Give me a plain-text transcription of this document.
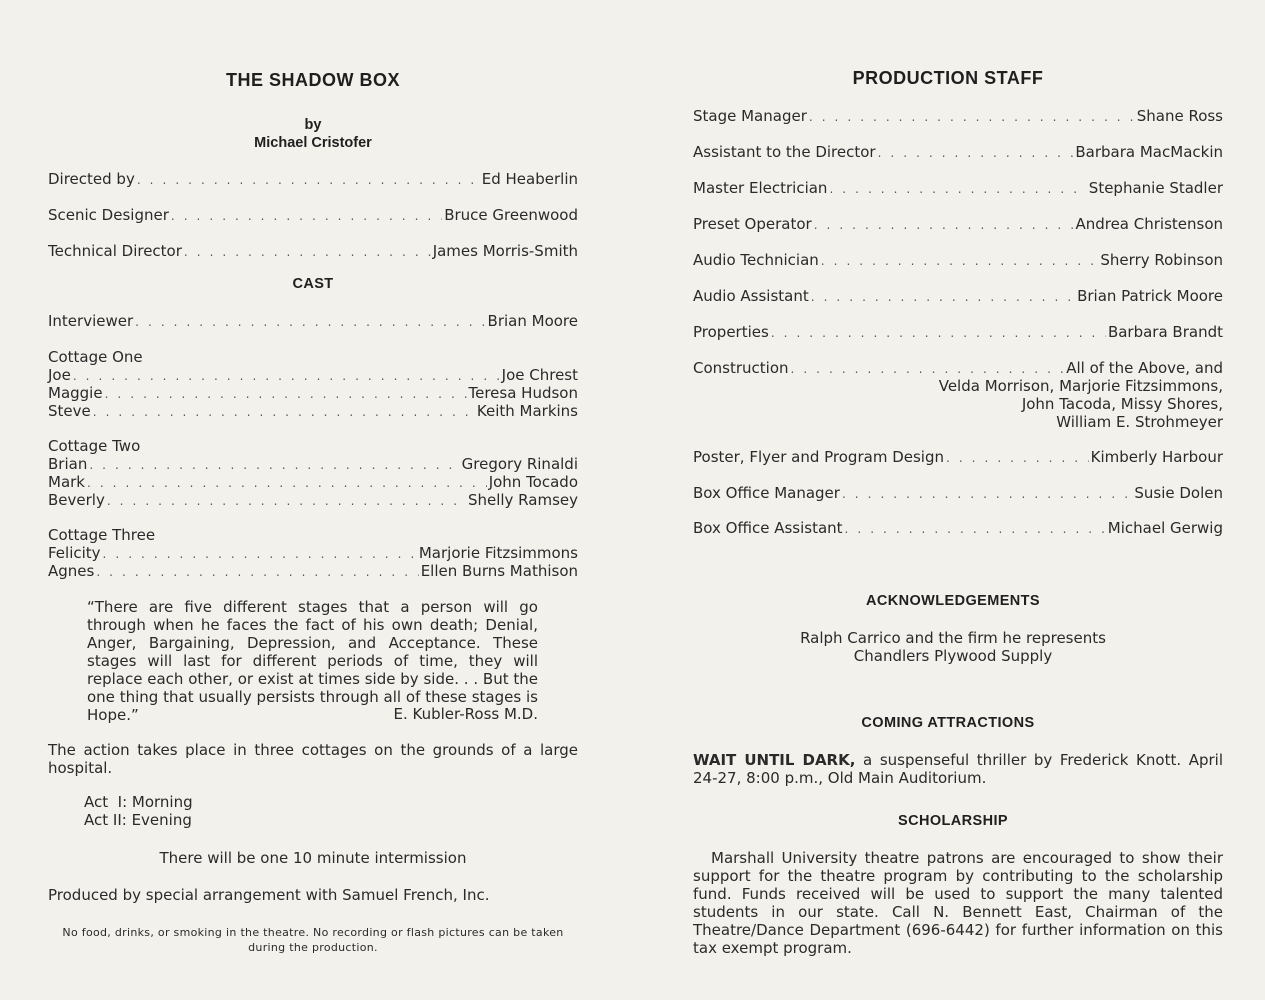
THE SHADOW BOX
by
Michael Cristofer
Directed by . . .	Ed Heaberlin
Scenic Designer . . .	Bruce Greenwood
Technical Director . . .	James Morris-Smith
CAST
Interviewer . . .	Brian Moore
Cottage One
Joe . . .	Joe Chrest
Maggie . . .	Teresa Hudson
Steve . . .	Keith Markins
Cottage Two
Brian . . .	Gregory Rinaldi
Mark . . .	John Tocado
Beverly . . .	Shelly Ramsey
Cottage Three
Felicity . . .	Marjorie Fitzsimmons
Agnes . . .	Ellen Burns Mathison
“There are five different stages that a person will go through when he faces the fact of his own death; Denial, Anger, Bargaining, Depression, and Acceptance. These stages will last for different periods of time, they will replace each other, or exist at times side by side. . . But the one thing that usually persists through all of these stages is Hope.”	E. Kubler-Ross M.D.
The action takes place in three cottages on the grounds of a large hospital.
Act  I: Morning
Act II: Evening
There will be one 10 minute intermission
Produced by special arrangement with Samuel French, Inc.
No food, drinks, or smoking in the theatre. No recording or flash pictures can be taken
during the production.
PRODUCTION STAFF
Stage Manager . . .	Shane Ross
Assistant to the Director . . .	Barbara MacMackin
Master Electrician . . .	Stephanie Stadler
Preset Operator . . .	Andrea Christenson
Audio Technician . . .	Sherry Robinson
Audio Assistant . . .	Brian Patrick Moore
Properties . . .	Barbara Brandt
Construction . . .	All of the Above, and
Velda Morrison, Marjorie Fitzsimmons,
John Tacoda, Missy Shores,
William E. Strohmeyer
Poster, Flyer and Program Design . . .	Kimberly Harbour
Box Office Manager . . .	Susie Dolen
Box Office Assistant . . .	Michael Gerwig
ACKNOWLEDGEMENTS
Ralph Carrico and the firm he represents
Chandlers Plywood Supply
COMING ATTRACTIONS
WAIT UNTIL DARK, a suspenseful thriller by Frederick Knott. April 24-27, 8:00 p.m., Old Main Auditorium.
SCHOLARSHIP
Marshall University theatre patrons are encouraged to show their support for the theatre program by contributing to the scholarship fund. Funds received will be used to support the many talented students in our state. Call N. Bennett East, Chairman of the Theatre/Dance Department (696-6442) for further information on this tax exempt program.
